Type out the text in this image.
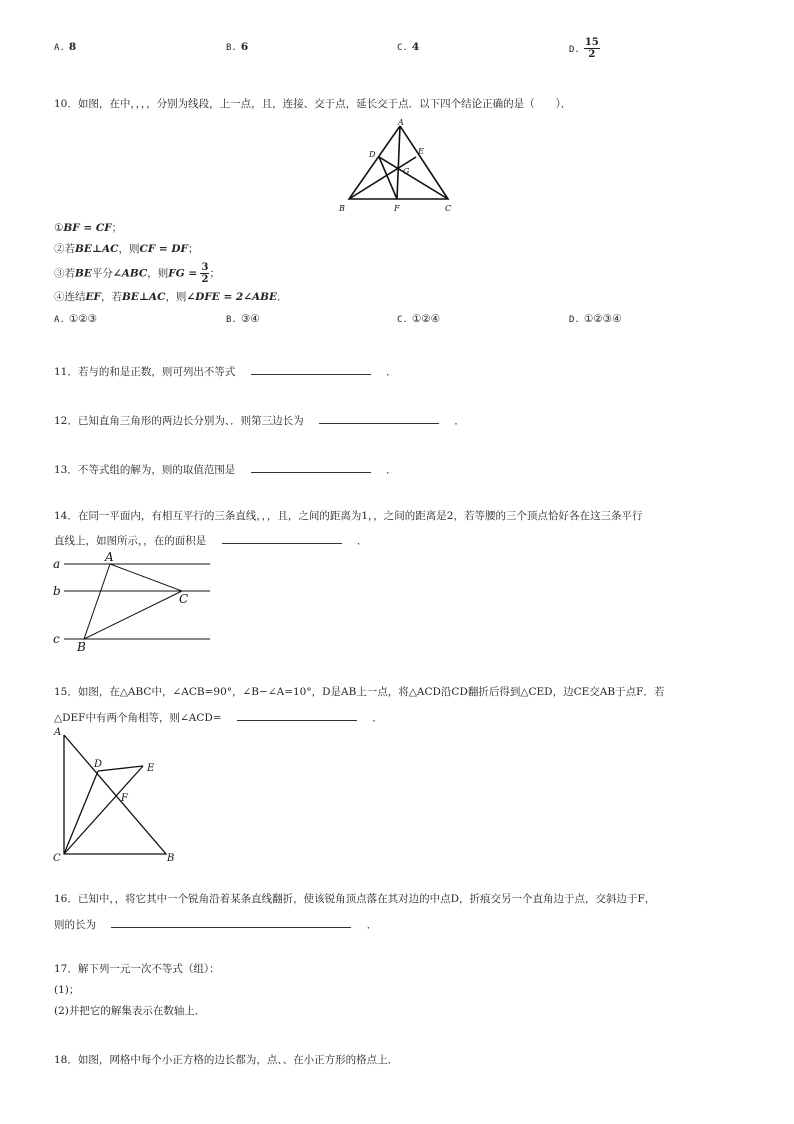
A. 8	B. 6	C. 4	D. $\frac{15}{2}$
10．如图，在中，，，，分别为线段，上一点，且，连接、交于点，延长交于点．以下四个结论正确的是（　　）．
A
D	E
G
B	F	C
①BF = CF；
②若BE⊥AC，则CF = DF；
③若BE平分∠ABC，则FG = $\frac{3}{2}$ ；
④连结EF，若BE⊥AC，则∠DFE = 2∠ABE．
A. ①②③	B. ③④	C. ①②④	D. ①②③④
11．若与的和是正数，则可列出不等式	．
12．已知直角三角形的两边长分别为、．则第三边长为	．
13．不等式组的解为，则的取值范围是	．
14．在同一平面内，有相互平行的三条直线，，，且，之间的距离为1，，之间的距离是2，若等腰的三个顶点恰好各在这三条平行
直线上，如图所示，，在的面积是	．
a
b
c
A
C
B
15．如图，在△ABC中，∠ACB=90°，∠B−∠A=10°，D是AB上一点，将△ACD沿CD翻折后得到△CED，边CE交AB于点F．若
△DEF中有两个角相等，则∠ACD=	．
A
D	E
F
C	B
16．已知中，，将它其中一个锐角沿着某条直线翻折，使该锐角顶点落在其对边的中点D，折痕交另一个直角边于点，交斜边于F，
则的长为	．
17．解下列一元一次不等式（组）：
(1)；
(2)并把它的解集表示在数轴上．
18．如图，网格中每个小正方格的边长都为，点、、在小正方形的格点上．
